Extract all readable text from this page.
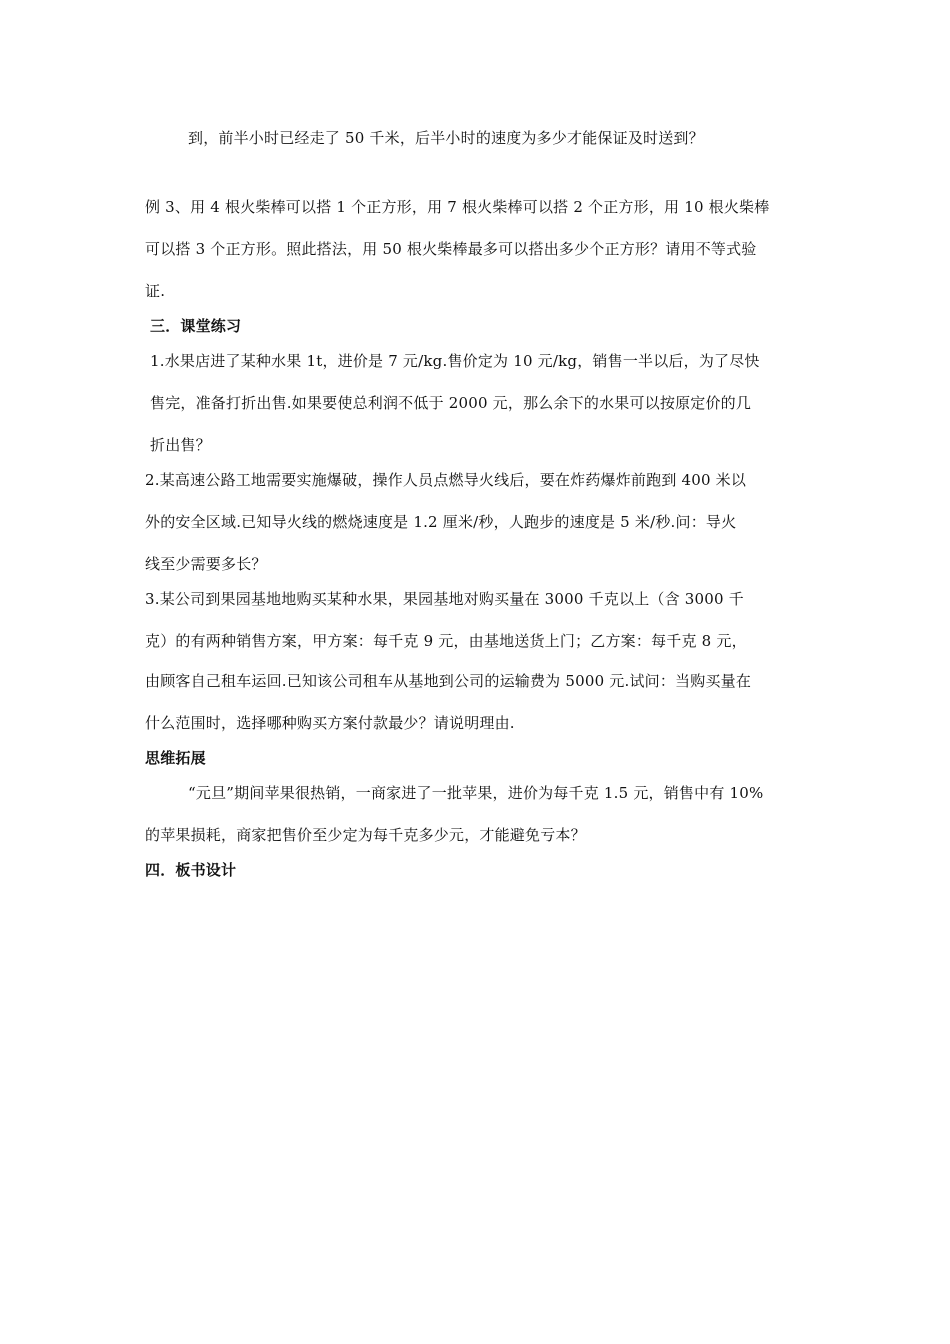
到，前半小时已经走了 50 千米，后半小时的速度为多少才能保证及时送到？
例 3、用 4 根火柴棒可以搭 1 个正方形，用 7 根火柴棒可以搭 2 个正方形，用 10 根火柴棒
可以搭 3 个正方形。照此搭法，用 50 根火柴棒最多可以搭出多少个正方形？请用不等式验
证.
三．课堂练习
1.水果店进了某种水果 1t，进价是 7 元/kg.售价定为 10 元/kg，销售一半以后，为了尽快
售完，准备打折出售.如果要使总利润不低于 2000 元，那么余下的水果可以按原定价的几
折出售？
2.某高速公路工地需要实施爆破，操作人员点燃导火线后，要在炸药爆炸前跑到 400 米以
外的安全区域.已知导火线的燃烧速度是 1.2 厘米/秒，人跑步的速度是 5 米/秒.问：导火
线至少需要多长？
3.某公司到果园基地地购买某种水果，果园基地对购买量在 3000 千克以上（含 3000 千
克）的有两种销售方案，甲方案：每千克 9 元，由基地送货上门；乙方案：每千克 8 元，
由顾客自己租车运回.已知该公司租车从基地到公司的运输费为 5000 元.试问：当购买量在
什么范围时，选择哪种购买方案付款最少？请说明理由.
思维拓展
“元旦”期间苹果很热销，一商家进了一批苹果，进价为每千克 1.5 元，销售中有 10%
的苹果损耗，商家把售价至少定为每千克多少元，才能避免亏本？
四．板书设计
